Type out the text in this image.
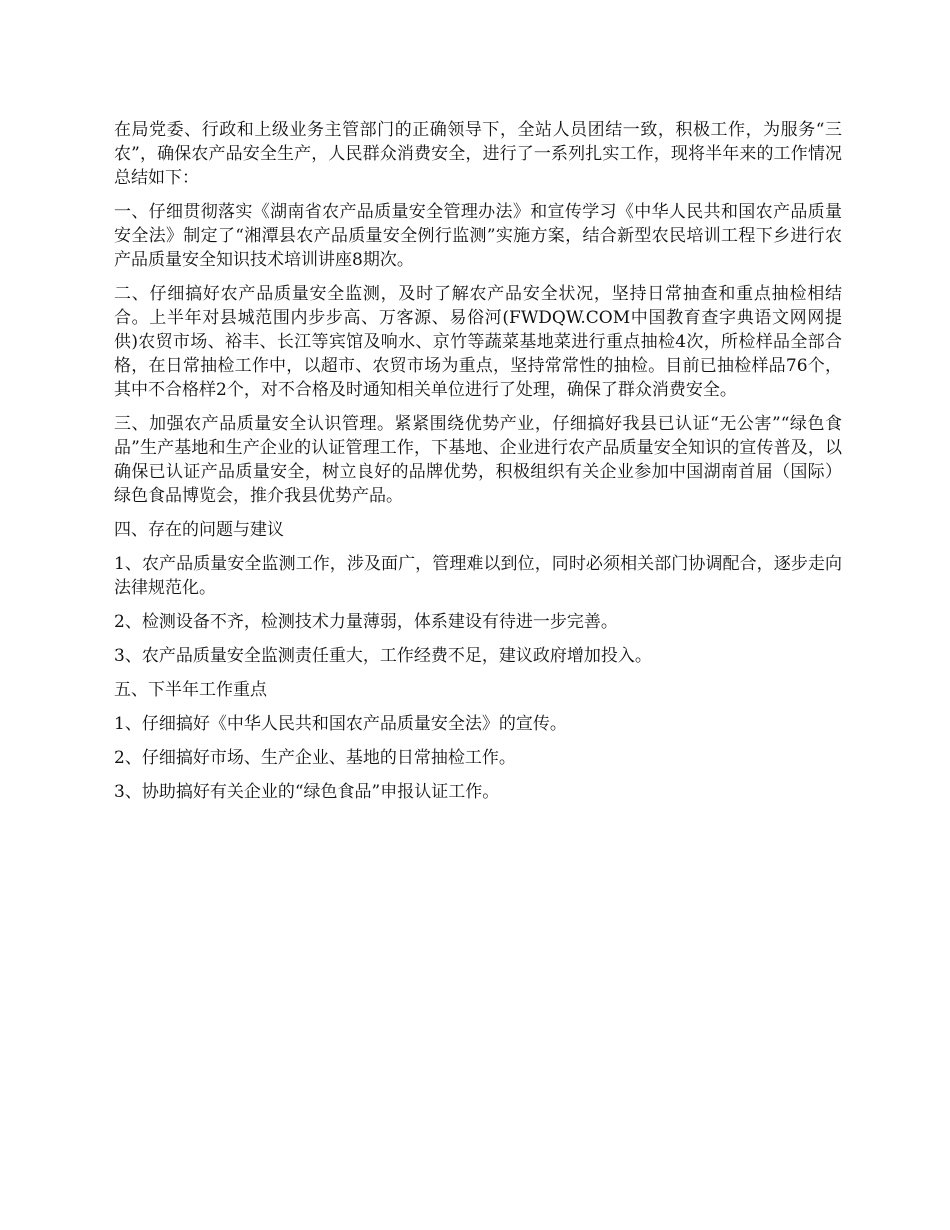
在局党委、行政和上级业务主管部门的正确领导下，全站人员团结一致，积极工作，为服务“三农”，确保农产品安全生产，人民群众消费安全，进行了一系列扎实工作，现将半年来的工作情况总结如下：

一、仔细贯彻落实《湖南省农产品质量安全管理办法》和宣传学习《中华人民共和国农产品质量安全法》制定了“湘潭县农产品质量安全例行监测”实施方案，结合新型农民培训工程下乡进行农产品质量安全知识技术培训讲座8期次。

二、仔细搞好农产品质量安全监测，及时了解农产品安全状况，坚持日常抽查和重点抽检相结合。上半年对县城范围内步步高、万客源、易俗河(FWDQW.COM中国教育查字典语文网网提供)农贸市场、裕丰、长江等宾馆及响水、京竹等蔬菜基地菜进行重点抽检4次，所检样品全部合格，在日常抽检工作中，以超市、农贸市场为重点，坚持常常性的抽检。目前已抽检样品76个，其中不合格样2个，对不合格及时通知相关单位进行了处理，确保了群众消费安全。

三、加强农产品质量安全认识管理。紧紧围绕优势产业，仔细搞好我县已认证“无公害”“绿色食品”生产基地和生产企业的认证管理工作，下基地、企业进行农产品质量安全知识的宣传普及，以确保已认证产品质量安全，树立良好的品牌优势，积极组织有关企业参加中国湖南首届（国际）绿色食品博览会，推介我县优势产品。

四、存在的问题与建议

1、农产品质量安全监测工作，涉及面广，管理难以到位，同时必须相关部门协调配合，逐步走向法律规范化。

2、检测设备不齐，检测技术力量薄弱，体系建设有待进一步完善。

3、农产品质量安全监测责任重大，工作经费不足，建议政府增加投入。

五、下半年工作重点

1、仔细搞好《中华人民共和国农产品质量安全法》的宣传。

2、仔细搞好市场、生产企业、基地的日常抽检工作。

3、协助搞好有关企业的“绿色食品”申报认证工作。
